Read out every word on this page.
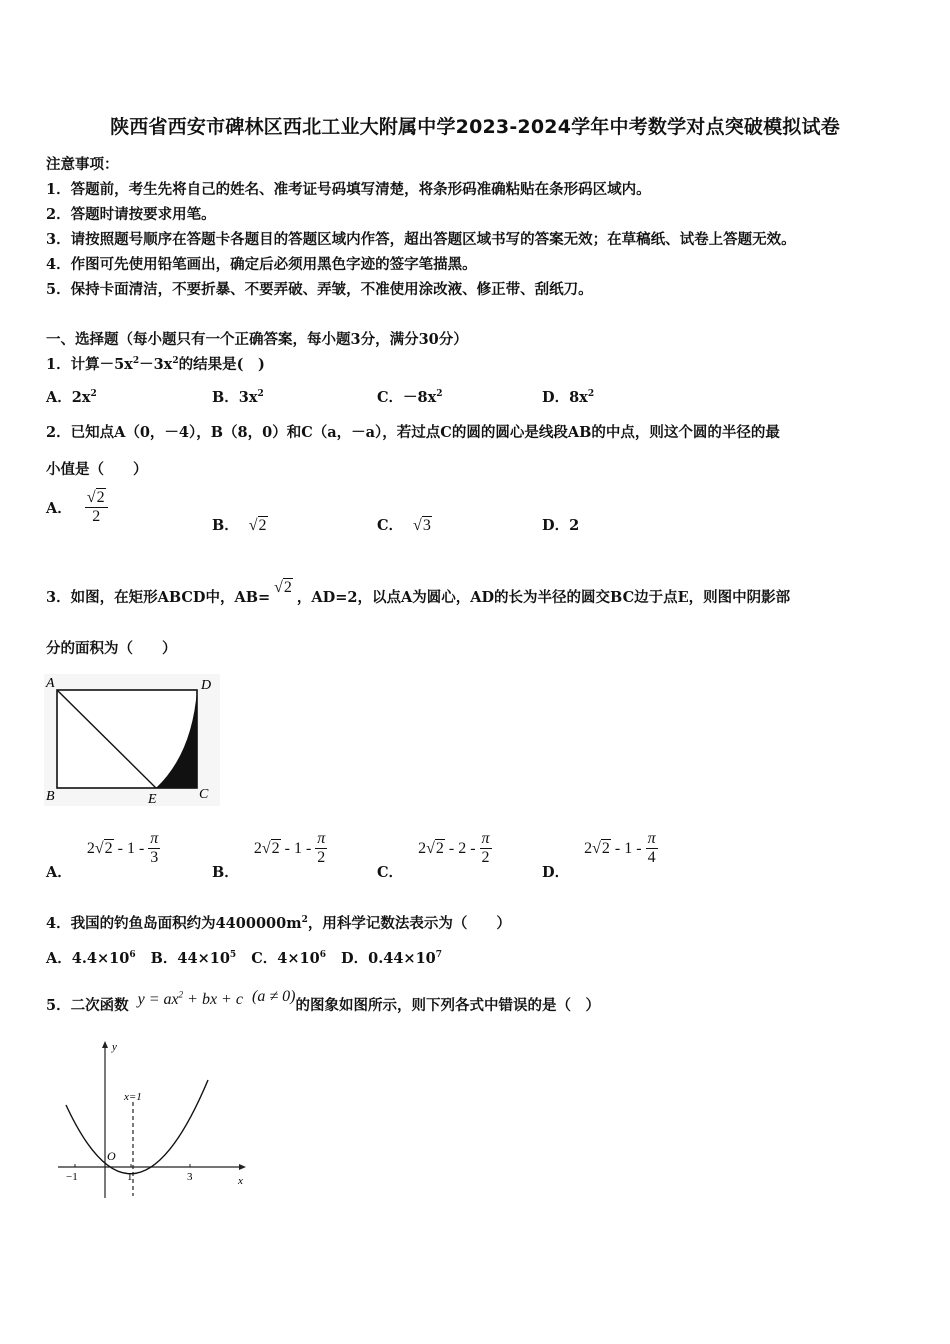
陕西省西安市碑林区西北工业大附属中学2023-2024学年中考数学对点突破模拟试卷
注意事项：
1．答题前，考生先将自己的姓名、准考证号码填写清楚，将条形码准确粘贴在条形码区域内。
2．答题时请按要求用笔。
3．请按照题号顺序在答题卡各题目的答题区域内作答，超出答题区域书写的答案无效；在草稿纸、试卷上答题无效。
4．作图可先使用铅笔画出，确定后必须用黑色字迹的签字笔描黑。
5．保持卡面清洁，不要折暴、不要弄破、弄皱，不准使用涂改液、修正带、刮纸刀。
一、选择题（每小题只有一个正确答案，每小题3分，满分30分）
1．计算$-5x^2-3x^2$的结果是(　)
A．$2x^2$	B．$3x^2$	C．$-8x^2$	D．$8x^2$
2．已知点A（0，－4），B（8，0）和C（a，－a），若过点C的圆的圆心是线段AB的中点，则这个圆的半径的最
小值是（　　）
A． $\frac{√2}{2}$	B． √2	C． √3	D．2
3．如图，在矩形ABCD中，AB=√2，AD=2，以点A为圆心，AD的长为半径的圆交BC边于点E，则图中阴影部
分的面积为（　　）
A	D
B	E	C
A． $2√2 - 1 - \frac{\pi}{3}$
B． $2√2 - 1 - \frac{\pi}{2}$
C． $2√2 - 2 - \frac{\pi}{2}$
D． $2√2 - 1 - \frac{\pi}{4}$
4．我国的钓鱼岛面积约为$4400000m^2$，用科学记数法表示为（　　）
A．$4.4\times 10^6$ B．$44\times 10^5$ C．$4\times 10^6$ D．$0.44\times 10^7$
5．二次函数 $y = ax^2$ + bx + c (a ≠ 0)的图象如图所示，则下列各式中错误的是（　）
y
x
x=1
O
−1	1	3
